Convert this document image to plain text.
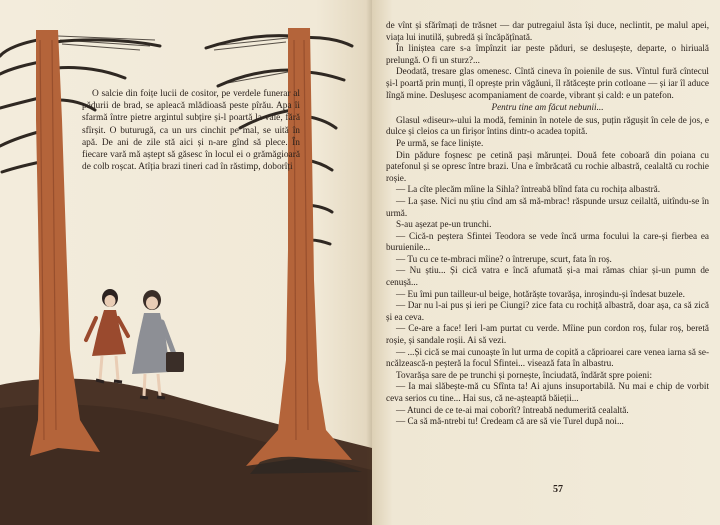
O salcie din foițe lucii de cositor, pe verdele funerar al pădurii de brad, se apleacă mlădioasă peste pîrău. Apa îi sfarmă între pietre argintul subțire și-l poartă la vale, fără sfîrșit. O buturugă, ca un urs cinchit pe mal, se uită în apă. De ani de zile stă aici și n-are gînd să plece. În fiecare vară mă aștept să găsesc în locul ei o grămăgioară de colb roșcat. Atîția brazi tineri cad în răstimp, doborîți

de vînt și sfărîmați de trăsnet — dar putregaiul ăsta își duce, neclintit, pe malul apei, viața lui inutilă, șubredă și încăpățînată.

În liniștea care s-a împînzit iar peste păduri, se deslușește, departe, o hiriuală prelungă. O fi un sturz?...

Deodată, tresare glas omenesc. Cîntă cineva în poienile de sus. Vîntul fură cîntecul și-l poartă prin munți, îl oprește prin văgăuni, îl rătăcește prin cotloane — și iar îl aduce lîngă mine. Deslușesc acompaniament de coarde, vibrant și cald: e un patefon.

Pentru tine am făcut nebunii...

Glasul «diseur»-ului la modă, feminin în notele de sus, puțin răgușit în cele de jos, e dulce și cleios ca un firișor întins dintr-o acadea topită.

Pe urmă, se face liniște.

Din pădure foșnesc pe cetină pași mărunței. Două fete coboară din poiana cu patefonul și se opresc între brazi. Una e îmbrăcată cu rochie albastră, cealaltă cu rochie roșie.

— La cîte plecăm mîine la Sihla? întreabă blînd fata cu rochița albastră.

— La șase. Nici nu știu cînd am să mă-mbrac! răspunde ursuz ceilaltă, uitîndu-se în urmă.

S-au așezat pe-un trunchi.

— Cică-n peștera Sfintei Teodora se vede încă urma focului la care-și fierbea ea buruienile...

— Tu cu ce te-mbraci mîine? o întrerupe, scurt, fata în roș.

— Nu știu... Și cică vatra e încă afumată și-a mai rămas chiar și-un pumn de cenușă...

— Eu îmi pun tailleur-ul beige, hotărăște tovarășa, inroșindu-și îndesat buzele.

— Dar nu l-ai pus și ieri pe Ciungi? zice fata cu rochiță albastră, doar așa, ca să zică și ea ceva.

— Ce-are a face! Ieri l-am purtat cu verde. Mîine pun cordon roș, fular roș, beretă roșie, și sandale roșii. Ai să vezi.

— ...Și cică se mai cunoaște în lut urma de copită a căprioarei care venea iarna să se-ncălzească-n peșteră la focul Sfintei... visează fata în albastru.

Tovarășa sare de pe trunchi și pornește, înciudată, îndărăt spre poieni:

— Ia mai slăbește-mă cu Sfînta ta! Ai ajuns insuportabilă. Nu mai e chip de vorbit ceva serios cu tine... Hai sus, că ne-așteaptă băieții...

— Atunci de ce te-ai mai coborît? întreabă nedumerită cealaltă.

— Ca să mă-ntrebi tu! Credeam că are să vie Turel după noi...

57
